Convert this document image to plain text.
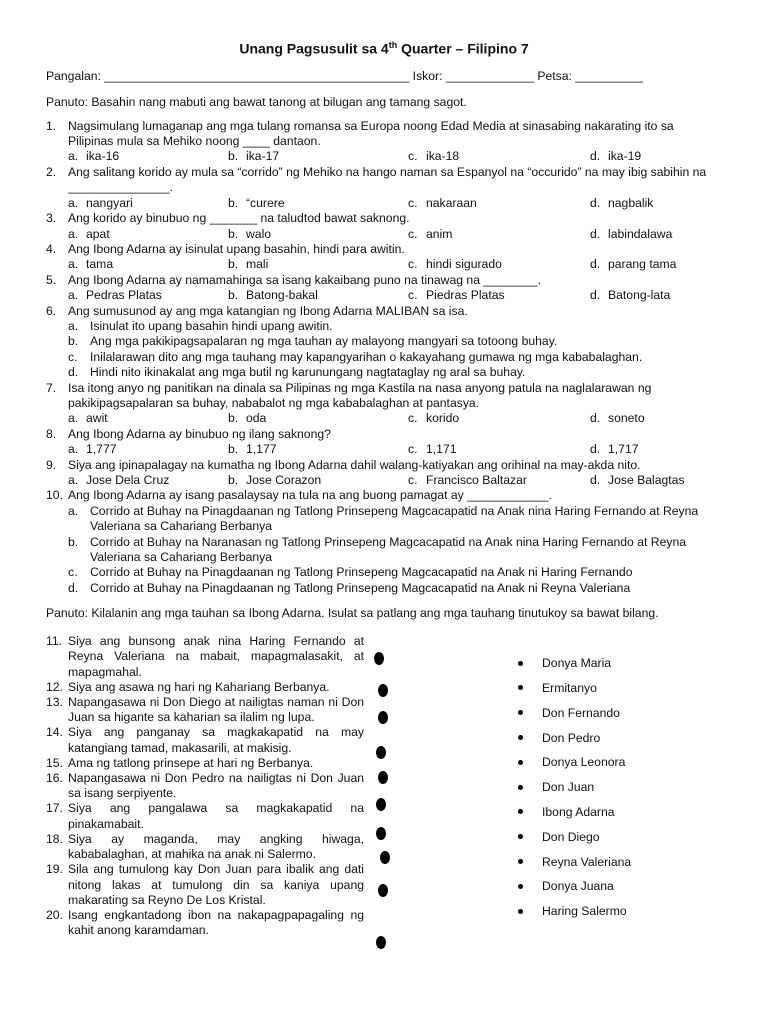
Unang Pagsusulit sa 4th Quarter – Filipino 7
Pangalan: _____________________________________________ Iskor: _____________ Petsa: __________
Panuto: Basahin nang mabuti ang bawat tanong at bilugan ang tamang sagot.
1. Nagsimulang lumaganap ang mga tulang romansa sa Europa noong Edad Media at sinasabing nakarating ito sa Pilipinas mula sa Mehiko noong ____ dantaon.
a. ika-16	b. ika-17	c. ika-18	d. ika-19
2. Ang salitang korido ay mula sa “corrido” ng Mehiko na hango naman sa Espanyol na “occurido” na may ibig sabihin na _______________.
a. nangyari	b. “curere	c. nakaraan	d. nagbalik
3. Ang korido ay binubuo ng _______ na taludtod bawat saknong.
a. apat	b. walo	c. anim	d. labindalawa
4. Ang Ibong Adarna ay isinulat upang basahin, hindi para awitin.
a. tama	b. mali	c. hindi sigurado	d. parang tama
5. Ang Ibong Adarna ay namamahinga sa isang kakaibang puno na tinawag na ________.
a. Pedras Platas	b. Batong-bakal	c. Piedras Platas	d. Batong-lata
6. Ang sumusunod ay ang mga katangian ng Ibong Adarna MALIBAN sa isa.
a. Isinulat ito upang basahin hindi upang awitin.
b. Ang mga pakikipagsapalaran ng mga tauhan ay malayong mangyari sa totoong buhay.
c.	Inilalarawan dito ang mga tauhang may kapangyarihan o kakayahang gumawa ng mga kababalaghan.
d. Hindi nito ikinakalat ang mga butil ng karunungang nagtataglay ng aral sa buhay.
7. Isa itong anyo ng panitikan na dinala sa Pilipinas ng mga Kastila na nasa anyong patula na naglalarawan ng pakikipagsapalaran sa buhay, nababalot ng mga kababalaghan at pantasya.
a. awit	b. oda	c. korido	d. soneto
8. Ang Ibong Adarna ay binubuo ng ilang saknong?
a. 1,777	b. 1,177	c. 1,171	d. 1,717
9. Siya ang ipinapalagay na kumatha ng Ibong Adarna dahil walang-katiyakan ang orihinal na may-akda nito.
a. Jose Dela Cruz	b. Jose Corazon	c. Francisco Baltazar	d. Jose Balagtas
10. Ang Ibong Adarna ay isang pasalaysay na tula na ang buong pamagat ay ____________.
a. Corrido at Buhay na Pinagdaanan ng Tatlong Prinsepeng Magcacapatid na Anak nina Haring Fernando at Reyna Valeriana sa Cahariang Berbanya
b. Corrido at Buhay na Naranasan ng Tatlong Prinsepeng Magcacapatid na Anak nina Haring Fernando at Reyna Valeriana sa Cahariang Berbanya
c.	Corrido at Buhay na Pinagdaanan ng Tatlong Prinsepeng Magcacapatid na Anak ni Haring Fernando
d. Corrido at Buhay na Pinagdaanan ng Tatlong Prinsepeng Magcacapatid na Anak ni Reyna Valeriana
Panuto: Kilalanin ang mga tauhan sa Ibong Adarna. Isulat sa patlang ang mga tauhang tinutukoy sa bawat bilang.
11. Siya ang bunsong anak nina Haring Fernando at Reyna Valeriana na mabait, mapagmalasakit, at mapagmahal.
12. Siya ang asawa ng hari ng Kahariang Berbanya.
13. Napangasawa ni Don Diego at nailigtas naman ni Don Juan sa higante sa kaharian sa ilalim ng lupa.
14. Siya ang panganay sa magkakapatid na may katangiang tamad, makasarili, at makisig.
15. Ama ng tatlong prinsepe at hari ng Berbanya.
16. Napangasawa ni Don Pedro na nailigtas ni Don Juan sa isang serpiyente.
17. Siya ang pangalawa sa magkakapatid na pinakamabait.
18. Siya ay maganda, may angking hiwaga, kababalaghan, at mahika na anak ni Salermo.
19. Sila ang tumulong kay Don Juan para ibalik ang dati nitong lakas at tumulong din sa kaniya upang makarating sa Reyno De Los Kristal.
20. Isang engkantadong ibon na nakapagpapagaling ng kahit anong karamdaman.
Donya Maria
Ermitanyo
Don Fernando
Don Pedro
Donya Leonora
Don Juan
Ibong Adarna
Don Diego
Reyna Valeriana
Donya Juana
Haring Salermo
